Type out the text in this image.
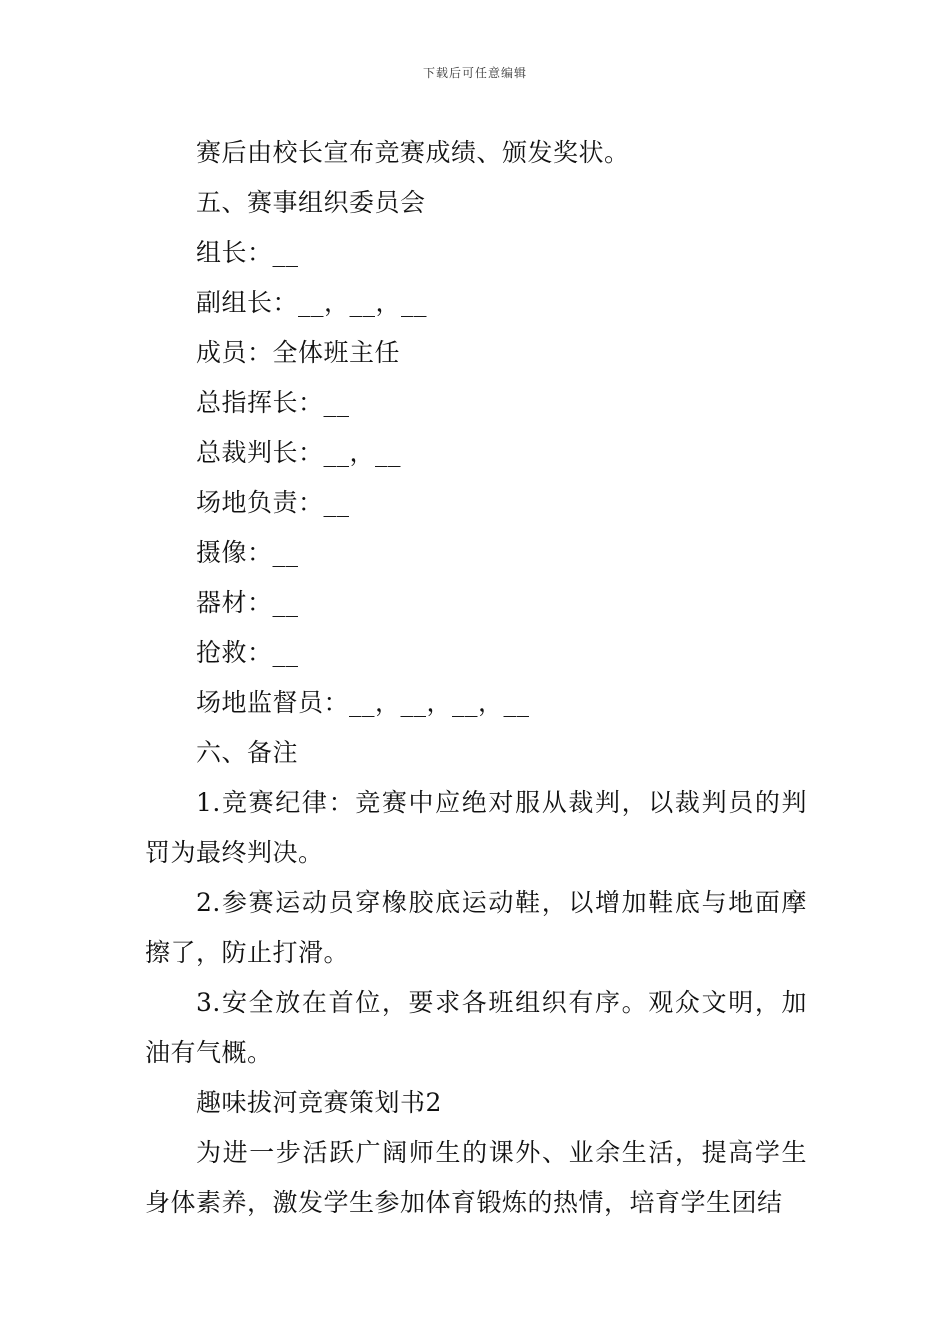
下载后可任意编辑
赛后由校长宣布竞赛成绩、颁发奖状。
五、赛事组织委员会
组长：__
副组长：__，__，__
成员：全体班主任
总指挥长：__
总裁判长：__，__
场地负责：__
摄像：__
器材：__
抢救：__
场地监督员：__，__，__，__
六、备注
1.竞赛纪律：竞赛中应绝对服从裁判，以裁判员的判罚为最终判决。
2.参赛运动员穿橡胶底运动鞋，以增加鞋底与地面摩擦了，防止打滑。
3.安全放在首位，要求各班组织有序。观众文明，加油有气概。
趣味拔河竞赛策划书2
为进一步活跃广阔师生的课外、业余生活，提高学生身体素养，激发学生参加体育锻炼的热情，培育学生团结
